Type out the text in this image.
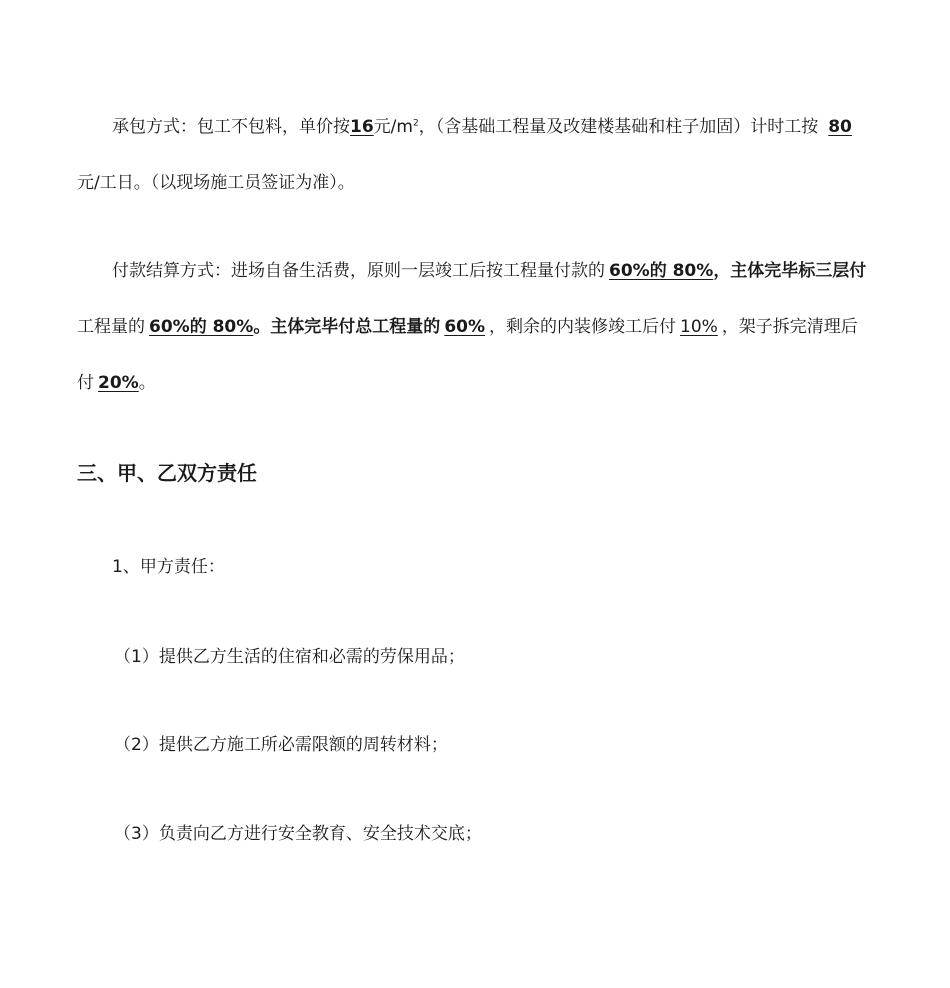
承包方式：包工不包料，单价按16元$/m^2$，（含基础工程量及改建楼基础和柱子加固）计时工按 80
元/工日。（以现场施工员签证为准）。
付款结算方式：进场自备生活费，原则一层竣工后按工程量付款的 60%的 80%，主体完毕标三层付
工程量的 60%的 80%。主体完毕付总工程量的 60% ，剩余的内装修竣工后付 10% ，架子拆完清理后
付 20%。
三、甲、乙双方责任
1、甲方责任：
（1）提供乙方生活的住宿和必需的劳保用品；
（2）提供乙方施工所必需限额的周转材料；
（3）负责向乙方进行安全教育、安全技术交底；
